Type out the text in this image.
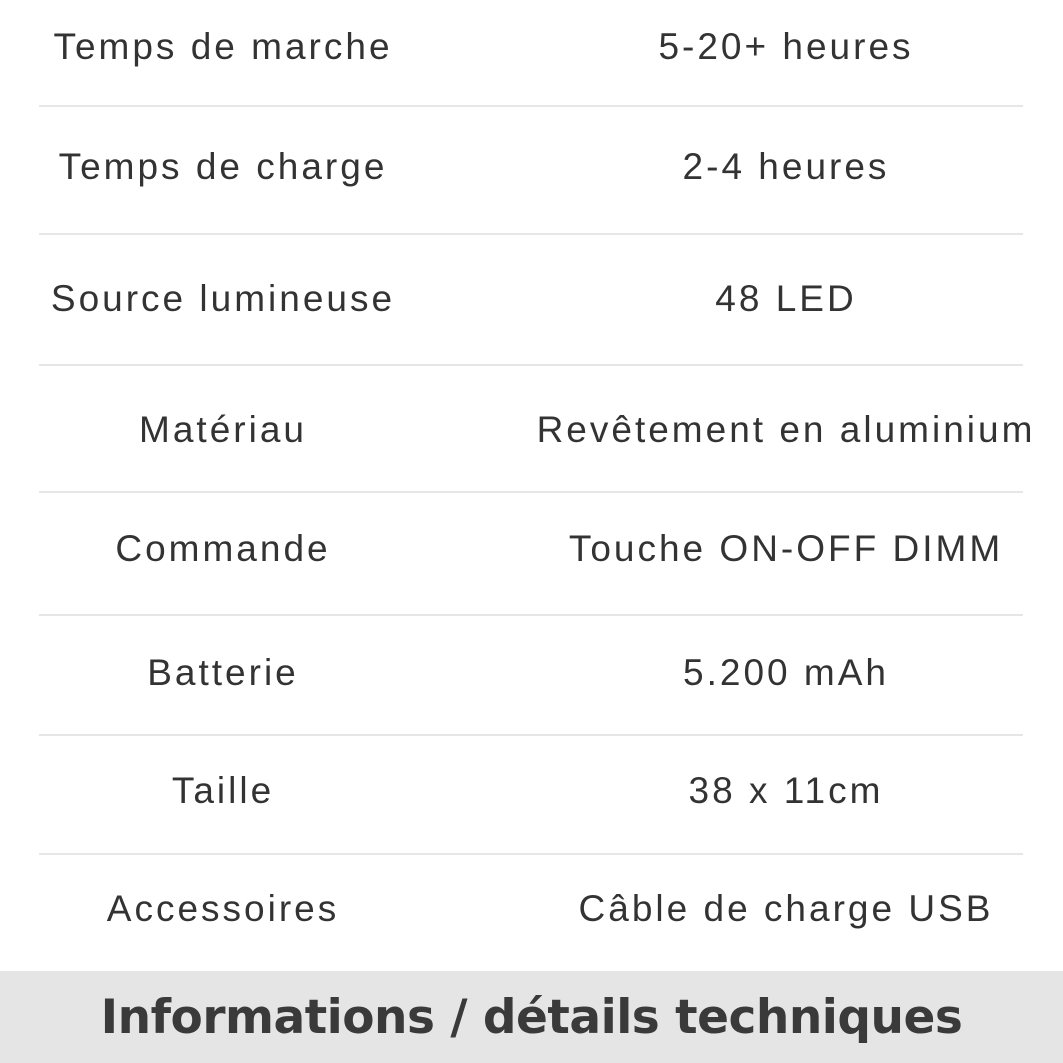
Temps de marche	5-20+ heures
Temps de charge	2-4 heures
Source lumineuse	48 LED
Matériau	Revêtement en aluminium
Commande	Touche ON-OFF DIMM
Batterie	5.200 mAh
Taille	38 x 11cm
Accessoires	Câble de charge USB
Informations / détails techniques
